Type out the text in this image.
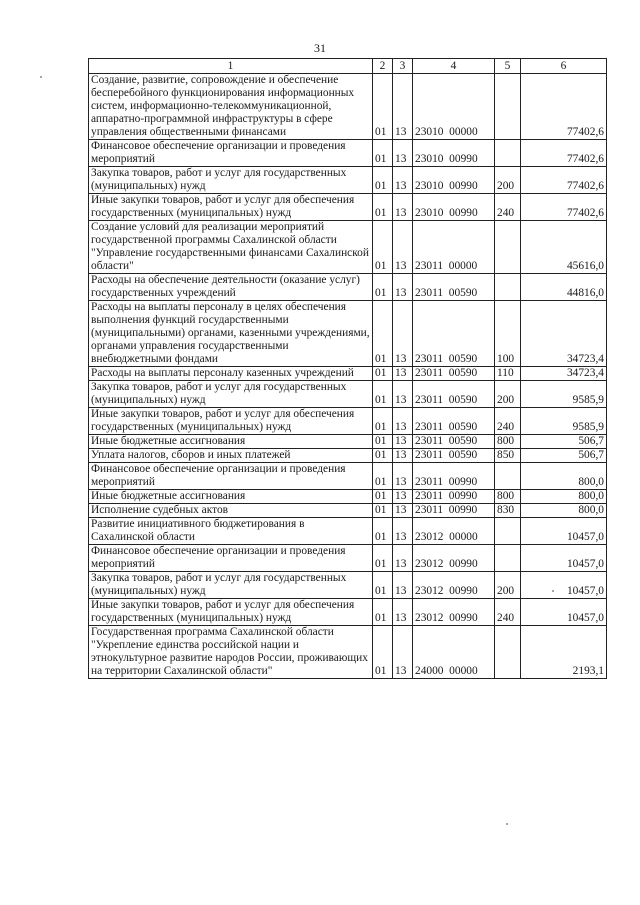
31
1	2	3	4	5	6
Создание, развитие, сопровождение и обеспечение бесперебойного функционирования информационных систем, информационно-телекоммуникационной, аппаратно-программной инфраструктуры в сфере управления общественными финансами	01	13	23010  00000		77402,6
Финансовое обеспечение организации и проведения мероприятий	01	13	23010  00990		77402,6
Закупка товаров, работ и услуг для государственных (муниципальных) нужд	01	13	23010  00990	200	77402,6
Иные закупки товаров, работ и услуг для обеспечения государственных (муниципальных) нужд	01	13	23010  00990	240	77402,6
Создание условий для реализации мероприятий государственной программы Сахалинской области "Управление государственными финансами Сахалинской области"	01	13	23011  00000		45616,0
Расходы на обеспечение деятельности (оказание услуг) государственных учреждений	01	13	23011  00590		44816,0
Расходы на выплаты персоналу в целях обеспечения выполнения функций государственными (муниципальными) органами, казенными учреждениями, органами управления государственными внебюджетными фондами	01	13	23011  00590	100	34723,4
Расходы на выплаты персоналу казенных учреждений	01	13	23011  00590	110	34723,4
Закупка товаров, работ и услуг для государственных (муниципальных) нужд	01	13	23011  00590	200	9585,9
Иные закупки товаров, работ и услуг для обеспечения государственных (муниципальных) нужд	01	13	23011  00590	240	9585,9
Иные бюджетные ассигнования	01	13	23011  00590	800	506,7
Уплата налогов, сборов и иных платежей	01	13	23011  00590	850	506,7
Финансовое обеспечение организации и проведения мероприятий	01	13	23011  00990		800,0
Иные бюджетные ассигнования	01	13	23011  00990	800	800,0
Исполнение судебных актов	01	13	23011  00990	830	800,0
Развитие инициативного бюджетирования в Сахалинской области	01	13	23012  00000		10457,0
Финансовое обеспечение организации и проведения мероприятий	01	13	23012  00990		10457,0
Закупка товаров, работ и услуг для государственных (муниципальных) нужд	01	13	23012  00990	200	10457,0
Иные закупки товаров, работ и услуг для обеспечения государственных (муниципальных) нужд	01	13	23012  00990	240	10457,0
Государственная программа Сахалинской области "Укрепление единства российской нации и этнокультурное развитие народов России, проживающих на территории Сахалинской области"	01	13	24000  00000		2193,1
